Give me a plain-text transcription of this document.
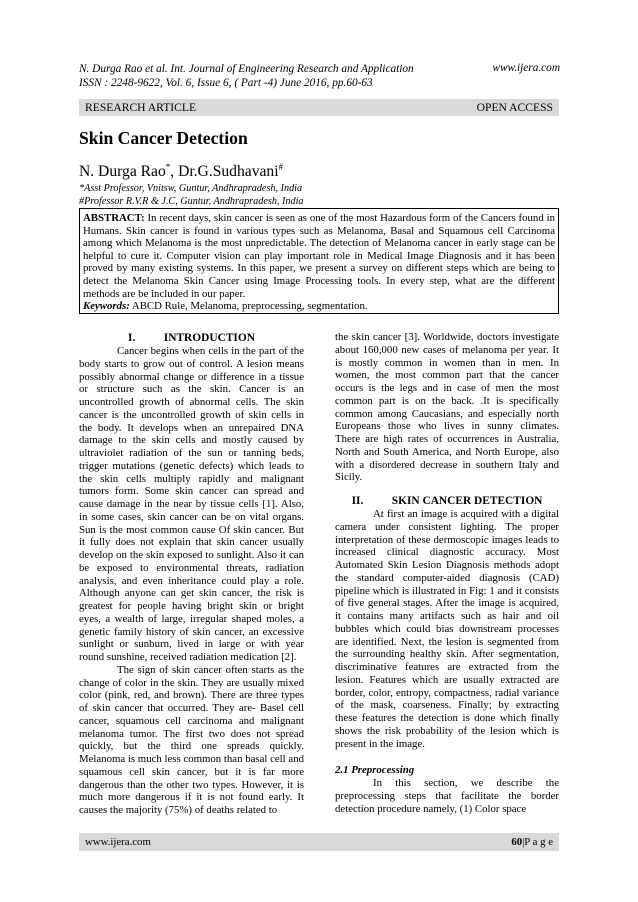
N. Durga Rao et al. Int. Journal of Engineering Research and Application	www.ijera.com
ISSN : 2248-9622, Vol. 6, Issue 6, ( Part -4) June 2016, pp.60-63
RESEARCH ARTICLE	OPEN ACCESS
Skin Cancer Detection
N. Durga Rao*, Dr.G.Sudhavani#
*Asst Professor, Vnitsw, Guntur, Andhrapradesh, India
#Professor R.V.R & J.C, Guntur, Andhrapradesh, India
ABSTRACT: In recent days, skin cancer is seen as one of the most Hazardous form of the Cancers found in Humans. Skin cancer is found in various types such as Melanoma, Basal and Squamous cell Carcinoma among which Melanoma is the most unpredictable. The detection of Melanoma cancer in early stage can be helpful to cure it. Computer vision can play important role in Medical Image Diagnosis and it has been proved by many existing systems. In this paper, we present a survey on different steps which are being to detect the Melanoma Skin Cancer using Image Processing tools. In every step, what are the different methods are be included in our paper.
Keywords: ABCD Rule, Melanoma, preprocessing, segmentation.

I.          INTRODUCTION

Cancer begins when cells in the part of the body starts to grow out of control. A lesion means possibly abnormal change or difference in a tissue or structure such as the skin. Cancer is an uncontrolled growth of abnormal cells. The skin cancer is the uncontrolled growth of skin cells in the body. It develops when an unrepaired DNA damage to the skin cells and mostly caused by ultraviolet radiation of the sun or tanning beds, trigger mutations (genetic defects) which leads to the skin cells multiply rapidly and malignant tumors form. Some skin cancer can spread and cause damage in the near by tissue cells [1]. Also, in some cases, skin cancer can be on vital organs. Sun is the most common cause Of skin cancer. But it fully does not explain that skin cancer usually develop on the skin exposed to sunlight. Also it can be exposed to environmental threats, radiation analysis, and even inheritance could play a role. Although anyone can get skin cancer, the risk is greatest for people having bright skin or bright eyes, a wealth of large, irregular shaped moles, a genetic family history of skin cancer, an excessive sunlight or sunburn, lived in large or with year round sunshine, received radiation medication [2].

The sign of skin cancer often starts as the change of color in the skin. They are usually mixed color (pink, red, and brown). There are three types of skin cancer that occurred. They are- Basel cell cancer, squamous cell carcinoma and malignant melanoma tumor. The first two does not spread quickly, but the third one spreads quickly. Melanoma is much less common than basal cell and squamous cell skin cancer, but it is far more dangerous than the other two types. However, it is much more dangerous if it is not found early. It causes the majority (75%) of deaths related to

the skin cancer [3]. Worldwide, doctors investigate about 160,000 new cases of melanoma per year. It is mostly common in women than in men. In women, the most common part that the cancer occurs is the legs and in case of men the most common part is on the back. .It is specifically common among Caucasians, and especially north Europeans those who lives in sunny climates. There are high rates of occurrences in Australia, North and South America, and North Europe, also with a disordered decrease in southern Italy and Sicily.

II.          SKIN CANCER DETECTION

At first an image is acquired with a digital camera under consistent lighting. The proper interpretation of these dermoscopic images leads to increased clinical diagnostic accuracy. Most Automated Skin Lesion Diagnosis methods adopt the standard computer-aided diagnosis (CAD) pipeline which is illustrated in Fig: 1 and it consists of five general stages. After the image is acquired, it contains many artifacts such as hair and oil bubbles which could bias downstream processes are identified. Next, the lesion is segmented from the surrounding healthy skin. After segmentation, discriminative features are extracted from the lesion. Features which are usually extracted are border, color, entropy, compactness, radial variance of the mask, coarseness. Finally; by extracting these features the detection is done which finally shows the risk probability of the lesion which is present in the image.

2.1 Preprocessing

In this section, we describe the preprocessing steps that facilitate the border detection procedure namely, (1) Color space

www.ijera.com	60|P a g e
